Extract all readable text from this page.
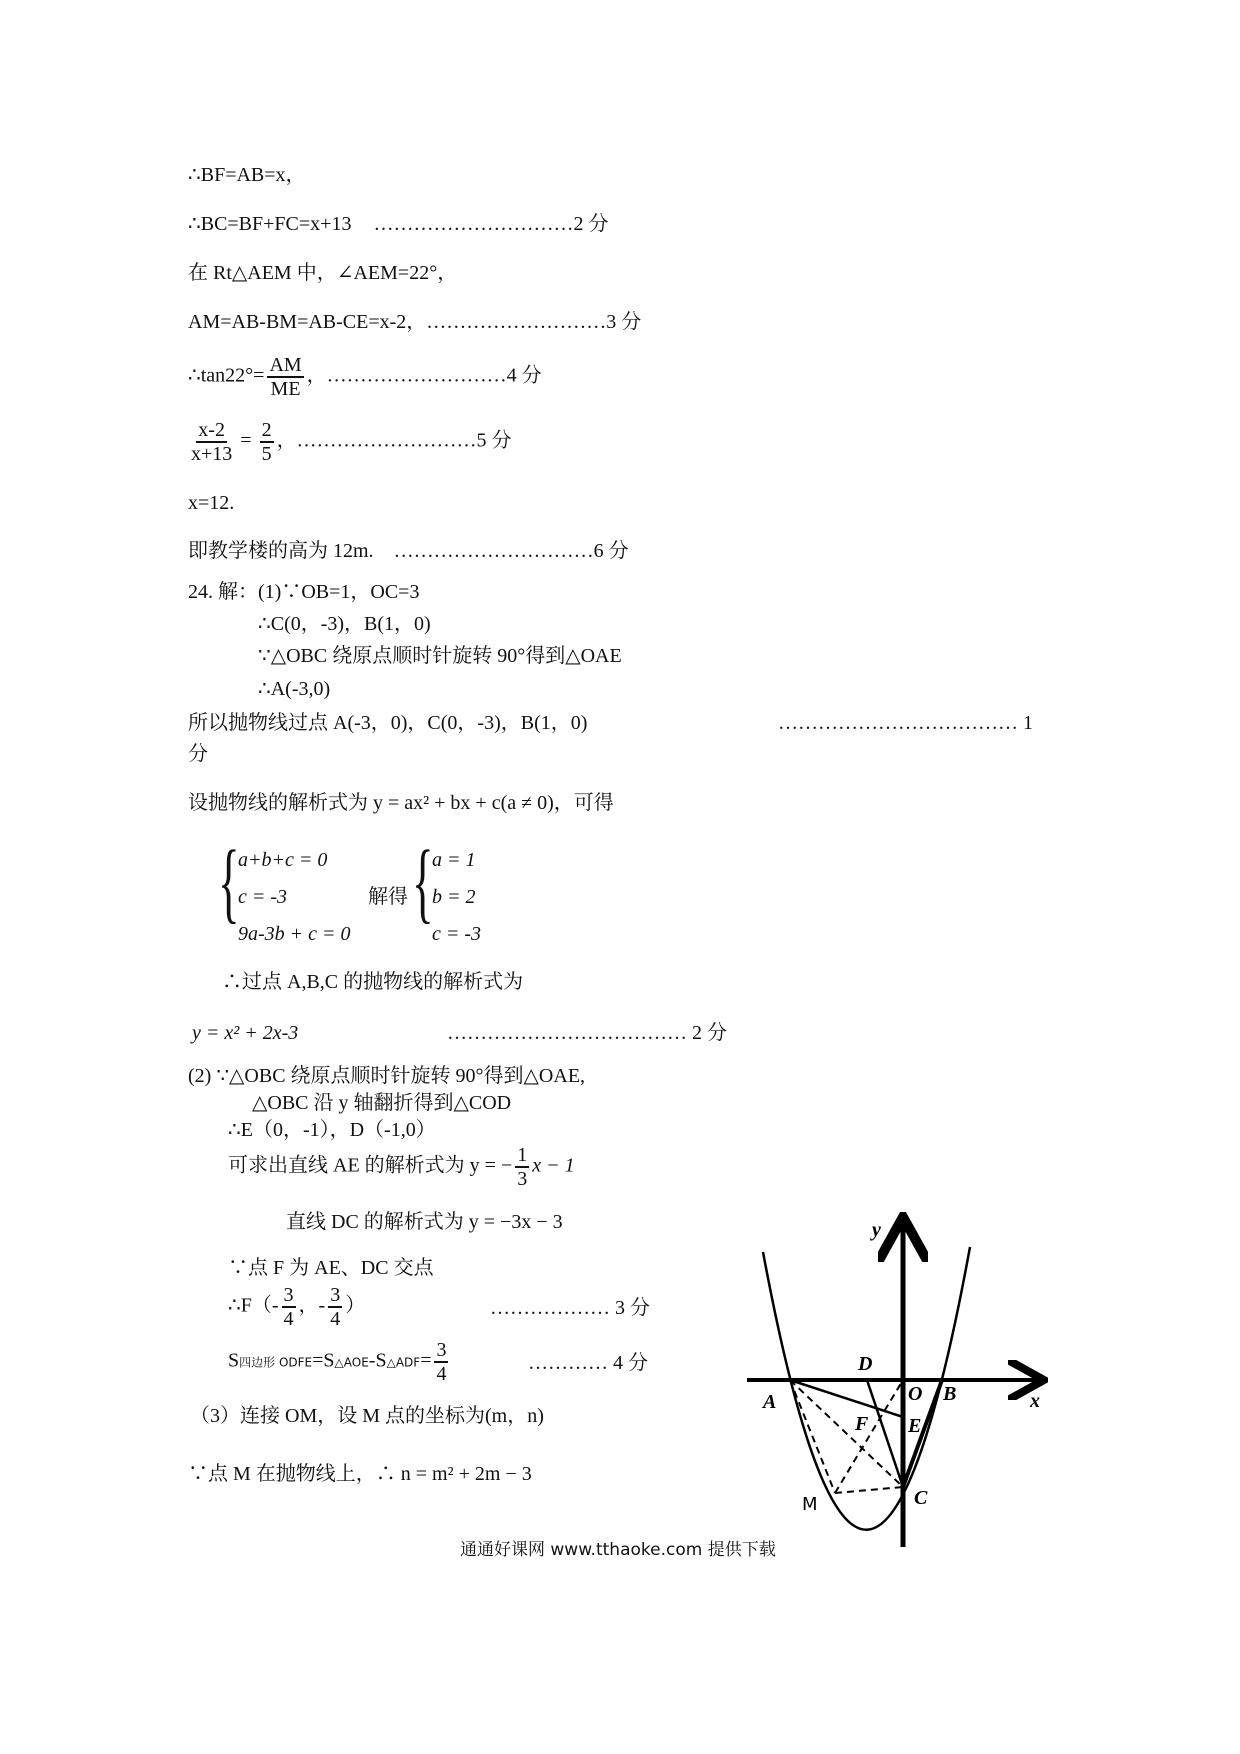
∴BF=AB=x，
∴BC=BF+FC=x+13 …………………………2 分
在 Rt△AEM 中，∠AEM=22°，
AM=AB-BM=AB-CE=x-2，………………………3 分
∴tan22°= $\frac{AM}{ME}$ ，………………………4 分
$\frac{x-2}{x+13} = \frac{2}{5}$ ，………………………5 分
x=12.
即教学楼的高为 12m. …………………………6 分
24. 解：(1)∵OB=1，OC=3
∴C(0，-3)，B(1，0)
∵△OBC 绕原点顺时针旋转 90°得到△OAE
∴A(-3,0)
所以抛物线过点 A(-3，0)，C(0，-3)，B(1，0)	……………………………… 1
分
设抛物线的解析式为 y = ax² + bx + c(a ≠ 0)，可得
{
a+b+c = 0
c = -3
9a-3b + c = 0
解得 {
a = 1
b = 2
c = -3
∴过点 A,B,C 的抛物线的解析式为
y = x² + 2x-3	……………………………… 2 分
(2) ∵△OBC 绕原点顺时针旋转 90°得到△OAE,
△OBC 沿 y 轴翻折得到△COD
∴E（0，-1），D（-1,0）
可求出直线 AE 的解析式为 y = − $\frac{1}{3}$ x − 1
直线 DC 的解析式为 y = −3x − 3
∵点 F 为 AE、DC 交点
∴F（- $\frac{3}{4}$ ，- $\frac{3}{4}$ ）	……………… 3 分
S四边形 ODFE=S△AOE-S△ADF= $\frac{3}{4}$	………… 4 分
（3）连接 OM，设 M 点的坐标为(m，n)
∵点 M 在抛物线上，∴ n = m² + 2m − 3
y
x
A	B
O
D
E
F
C
M
通通好课网 www.tthaoke.com 提供下载
